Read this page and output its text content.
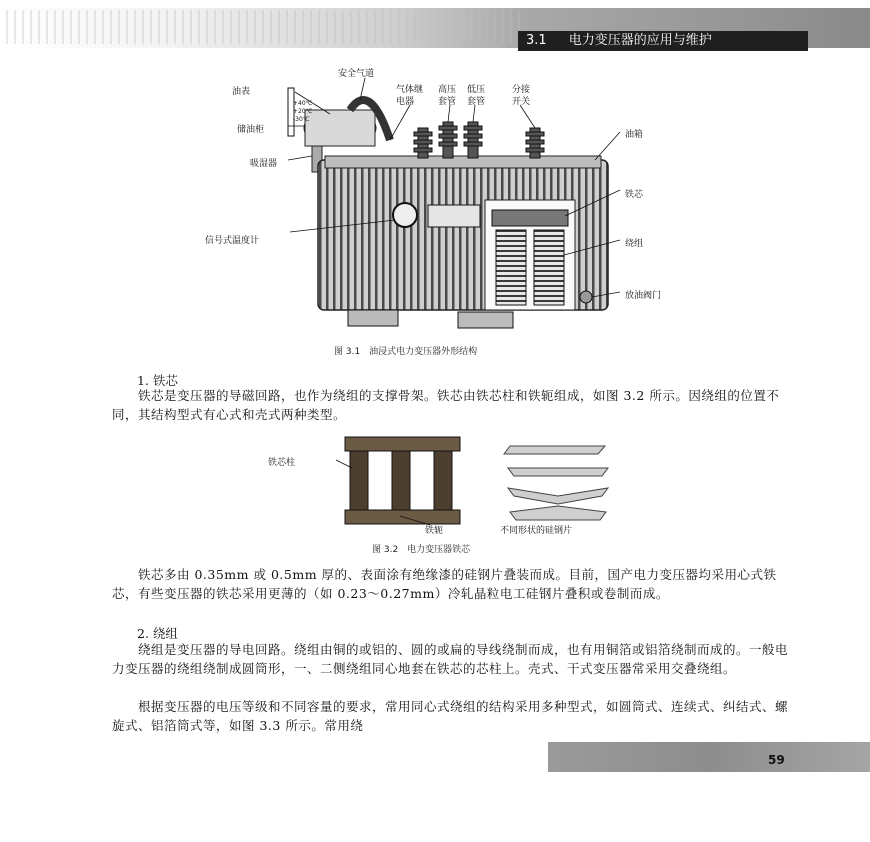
3.1 电力变压器的应用与维护
安全气道
油表	气体继电器
高压套管
低压套管
分接开关
+40℃
+20℃
-30℃
储油柜	油箱
吸湿器
铁芯
信号式温度计	绕组
放油阀门
图 3.1　油浸式电力变压器外形结构
1. 铁芯
铁芯是变压器的导磁回路，也作为绕组的支撑骨架。铁芯由铁芯柱和铁轭组成，如图 3.2 所示。因绕组的位置不同，其结构型式有心式和壳式两种类型。
铁芯柱
铁轭	不同形状的硅钢片
图 3.2　电力变压器铁芯
铁芯多由 0.35mm 或 0.5mm 厚的、表面涂有绝缘漆的硅钢片叠装而成。目前，国产电力变压器均采用心式铁芯，有些变压器的铁芯采用更薄的（如 0.23～0.27mm）冷轧晶粒电工硅钢片叠积或卷制而成。
2. 绕组
绕组是变压器的导电回路。绕组由铜的或铝的、圆的或扁的导线绕制而成，也有用铜箔或铝箔绕制而成的。一般电力变压器的绕组绕制成圆筒形，一、二侧绕组同心地套在铁芯的芯柱上。壳式、干式变压器常采用交叠绕组。
根据变压器的电压等级和不同容量的要求，常用同心式绕组的结构采用多种型式，如圆筒式、连续式、纠结式、螺旋式、铝箔筒式等，如图 3.3 所示。常用绕
59
